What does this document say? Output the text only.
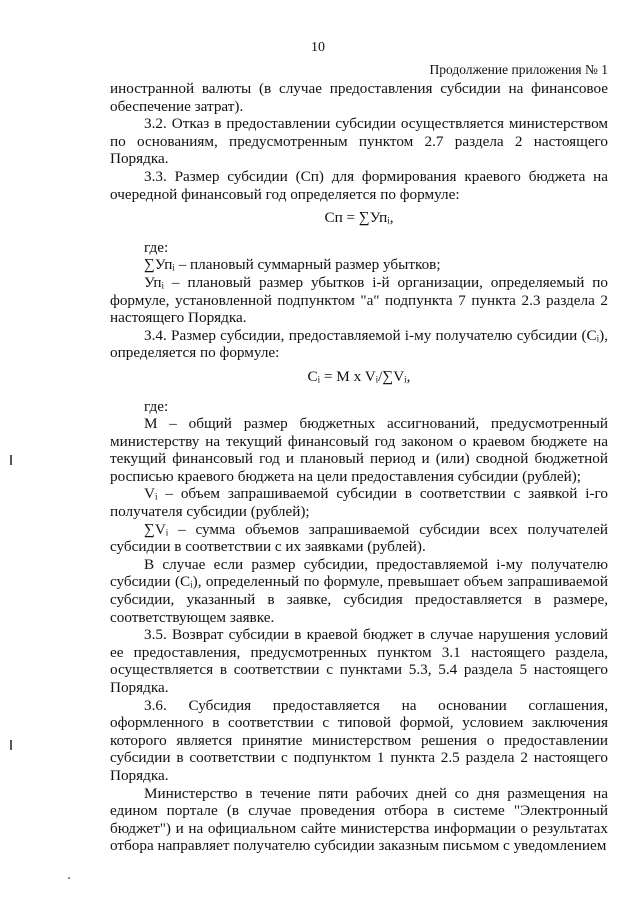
10
Продолжение приложения № 1

иностранной валюты (в случае предоставления субсидии на финансовое обеспечение затрат).

3.2. Отказ в предоставлении субсидии осуществляется министерством по основаниям, предусмотренным пунктом 2.7 раздела 2 настоящего Порядка.

3.3. Размер субсидии (Сп) для формирования краевого бюджета на очередной финансовый год определяется по формуле:

Сп = ∑Упᵢ,

где:

∑Упᵢ – плановый суммарный размер убытков;

Упᵢ – плановый размер убытков i-й организации, определяемый по формуле, установленной подпунктом "а" подпункта 7 пункта 2.3 раздела 2 настоящего Порядка.

3.4. Размер субсидии, предоставляемой i-му получателю субсидии (Cᵢ), определяется по формуле:

Cᵢ = M x Vᵢ/∑Vᵢ,

где:

M – общий размер бюджетных ассигнований, предусмотренный министерству на текущий финансовый год законом о краевом бюджете на текущий финансовый год и плановый период и (или) сводной бюджетной росписью краевого бюджета на цели предоставления субсидии (рублей);

Vᵢ – объем запрашиваемой субсидии в соответствии с заявкой i-го получателя субсидии (рублей);

∑Vᵢ – сумма объемов запрашиваемой субсидии всех получателей субсидии в соответствии с их заявками (рублей).

В случае если размер субсидии, предоставляемой i-му получателю субсидии (Cᵢ), определенный по формуле, превышает объем запрашиваемой субсидии, указанный в заявке, субсидия предоставляется в размере, соответствующем заявке.

3.5. Возврат субсидии в краевой бюджет в случае нарушения условий ее предоставления, предусмотренных пунктом 3.1 настоящего раздела, осуществляется в соответствии с пунктами 5.3, 5.4 раздела 5 настоящего Порядка.

3.6. Субсидия предоставляется на основании соглашения, оформленного в соответствии с типовой формой, условием заключения которого является принятие министерством решения о предоставлении субсидии в соответствии с подпунктом 1 пункта 2.5 раздела 2 настоящего Порядка.

Министерство в течение пяти рабочих дней со дня размещения на едином портале (в случае проведения отбора в системе "Электронный бюджет") и на официальном сайте министерства информации о результатах отбора направляет получателю субсидии заказным письмом с уведомлением
